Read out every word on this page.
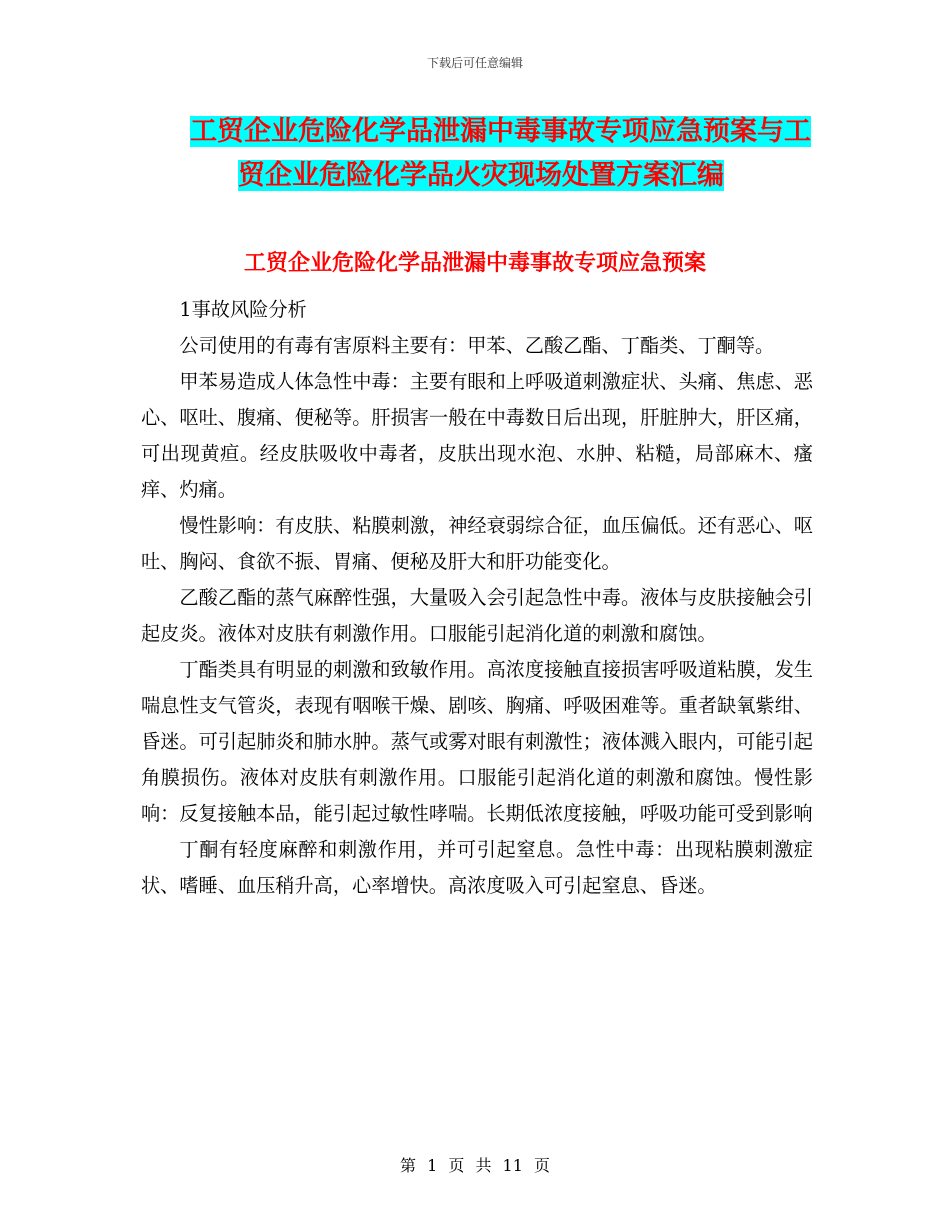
下载后可任意编辑
工贸企业危险化学品泄漏中毒事故专项应急预案与工
贸企业危险化学品火灾现场处置方案汇编
工贸企业危险化学品泄漏中毒事故专项应急预案

1事故风险分析

公司使用的有毒有害原料主要有：甲苯、乙酸乙酯、丁酯类、丁酮等。

甲苯易造成人体急性中毒：主要有眼和上呼吸道刺激症状、头痛、焦虑、恶心、呕吐、腹痛、便秘等。肝损害一般在中毒数日后出现，肝脏肿大，肝区痛，可出现黄疸。经皮肤吸收中毒者，皮肤出现水泡、水肿、粘糙，局部麻木、瘙痒、灼痛。

慢性影响：有皮肤、粘膜刺激，神经衰弱综合征，血压偏低。还有恶心、呕吐、胸闷、食欲不振、胃痛、便秘及肝大和肝功能变化。

乙酸乙酯的蒸气麻醉性强，大量吸入会引起急性中毒。液体与皮肤接触会引起皮炎。液体对皮肤有刺激作用。口服能引起消化道的刺激和腐蚀。

丁酯类具有明显的刺激和致敏作用。高浓度接触直接损害呼吸道粘膜，发生喘息性支气管炎，表现有咽喉干燥、剧咳、胸痛、呼吸困难等。重者缺氧紫绀、昏迷。可引起肺炎和肺水肿。蒸气或雾对眼有刺激性；液体溅入眼内，可能引起角膜损伤。液体对皮肤有刺激作用。口服能引起消化道的刺激和腐蚀。慢性影响：反复接触本品，能引起过敏性哮喘。长期低浓度接触，呼吸功能可受到影响

丁酮有轻度麻醉和刺激作用，并可引起窒息。急性中毒：出现粘膜刺激症状、嗜睡、血压稍升高，心率增快。高浓度吸入可引起窒息、昏迷。

第 1 页 共 11 页
